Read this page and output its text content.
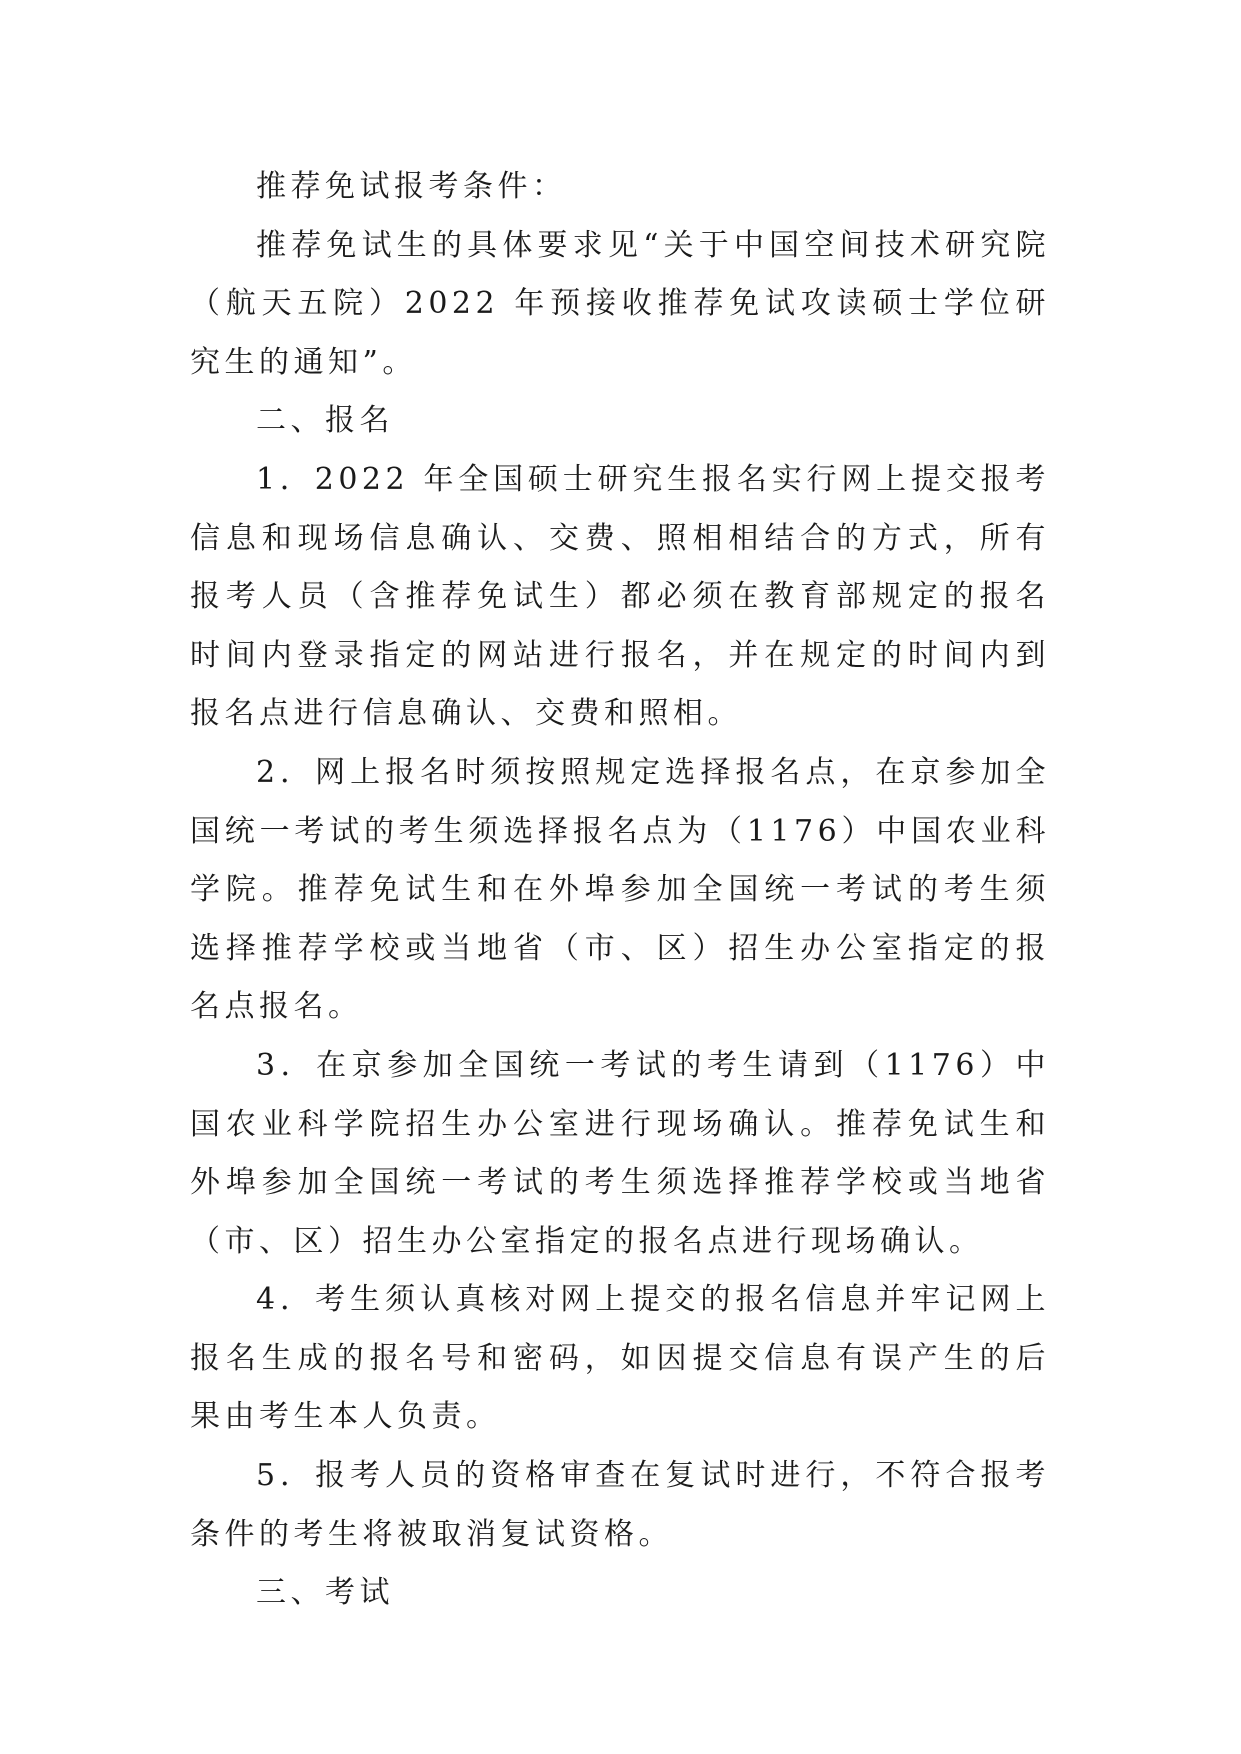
推荐免试报考条件：

推荐免试生的具体要求见“关于中国空间技术研究院（航天五院）2022 年预接收推荐免试攻读硕士学位研究生的通知”。

二、报名

1．2022 年全国硕士研究生报名实行网上提交报考信息和现场信息确认、交费、照相相结合的方式，所有报考人员（含推荐免试生）都必须在教育部规定的报名时间内登录指定的网站进行报名，并在规定的时间内到报名点进行信息确认、交费和照相。

2．网上报名时须按照规定选择报名点，在京参加全国统一考试的考生须选择报名点为（1176）中国农业科学院。推荐免试生和在外埠参加全国统一考试的考生须选择推荐学校或当地省（市、区）招生办公室指定的报名点报名。

3．在京参加全国统一考试的考生请到（1176）中国农业科学院招生办公室进行现场确认。推荐免试生和外埠参加全国统一考试的考生须选择推荐学校或当地省（市、区）招生办公室指定的报名点进行现场确认。

4．考生须认真核对网上提交的报名信息并牢记网上报名生成的报名号和密码，如因提交信息有误产生的后果由考生本人负责。

5．报考人员的资格审查在复试时进行，不符合报考条件的考生将被取消复试资格。

三、考试
